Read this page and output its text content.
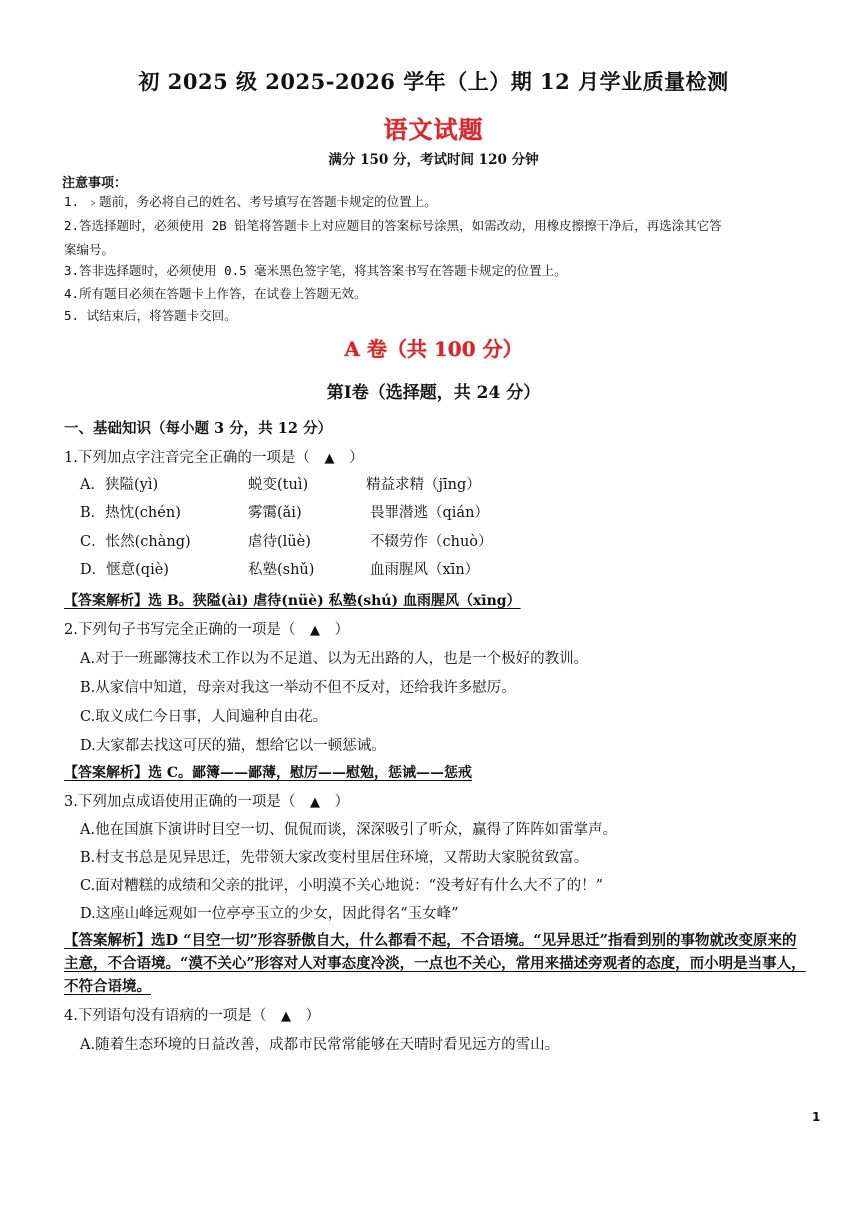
初 2025 级 2025-2026 学年（上）期 12 月学业质量检测
语文试题
满分 150 分，考试时间 120 分钟
注意事项：
1. ﹥题前，务必将自己的姓名、考号填写在答题卡规定的位置上。
2.答选择题时，必须使用 2B 铅笔将答题卡上对应题目的答案标号涂黑，如需改动，用橡皮擦擦干净后，再选涂其它答
案编号。
3.答非选择题时，必须使用 0.5 毫米黑色签字笔，将其答案书写在答题卡规定的位置上。
4.所有题目必须在答题卡上作答，在试卷上答题无效。
5. 试结束后，将答题卡交回。
A 卷（共 100 分）
第Ⅰ卷（选择题，共 24 分）
一、基础知识（每小题 3 分，共 12 分）
1.下列加点字注音完全正确的一项是（ ▲ ）
A．狭隘(yì)	蜕变(tuì)	精益求精（jīng）
B．热忱(chén)	雾霭(ǎi)	畏罪潜逃（qián）
C．怅然(chàng)	虐待(lüè)	不辍劳作（chuò）
D．惬意(qiè)	私塾(shǔ)	血雨腥风（xīn）
【答案解析】选 B。狭隘(ài) 虐待(nüè) 私塾(shú) 血雨腥风（xīng）
2.下列句子书写完全正确的一项是（ ▲ ）
A.对于一班鄙簿技术工作以为不足道、以为无出路的人，也是一个极好的教训。
B.从家信中知道，母亲对我这一举动不但不反对，还给我许多慰厉。
C.取义成仁今日事，人间遍种自由花。
D.大家都去找这可厌的猫，想给它以一顿惩诫。
【答案解析】选 C。鄙簿——鄙薄，慰厉——慰勉，惩诫——惩戒
3.下列加点成语使用正确的一项是（ ▲ ）
A.他在国旗下演讲时目空一切、侃侃而谈，深深吸引了听众，赢得了阵阵如雷掌声。
B.村支书总是见异思迁，先带领大家改变村里居住环境，又帮助大家脱贫致富。
C.面对糟糕的成绩和父亲的批评，小明漠不关心地说：“没考好有什么大不了的！”
D.这座山峰远观如一位亭亭玉立的少女，因此得名“玉女峰”
【答案解析】选D “目空一切”形容骄傲自大，什么都看不起，不合语境。“见异思迁”指看到别的事物就改变原来的主意，不合语境。“漠不关心”形容对人对事态度冷淡，一点也不关心，常用来描述旁观者的态度，而小明是当事人，不符合语境。
4.下列语句没有语病的一项是（ ▲ ）
A.随着生态环境的日益改善，成都市民常常能够在天晴时看见远方的雪山。
1
